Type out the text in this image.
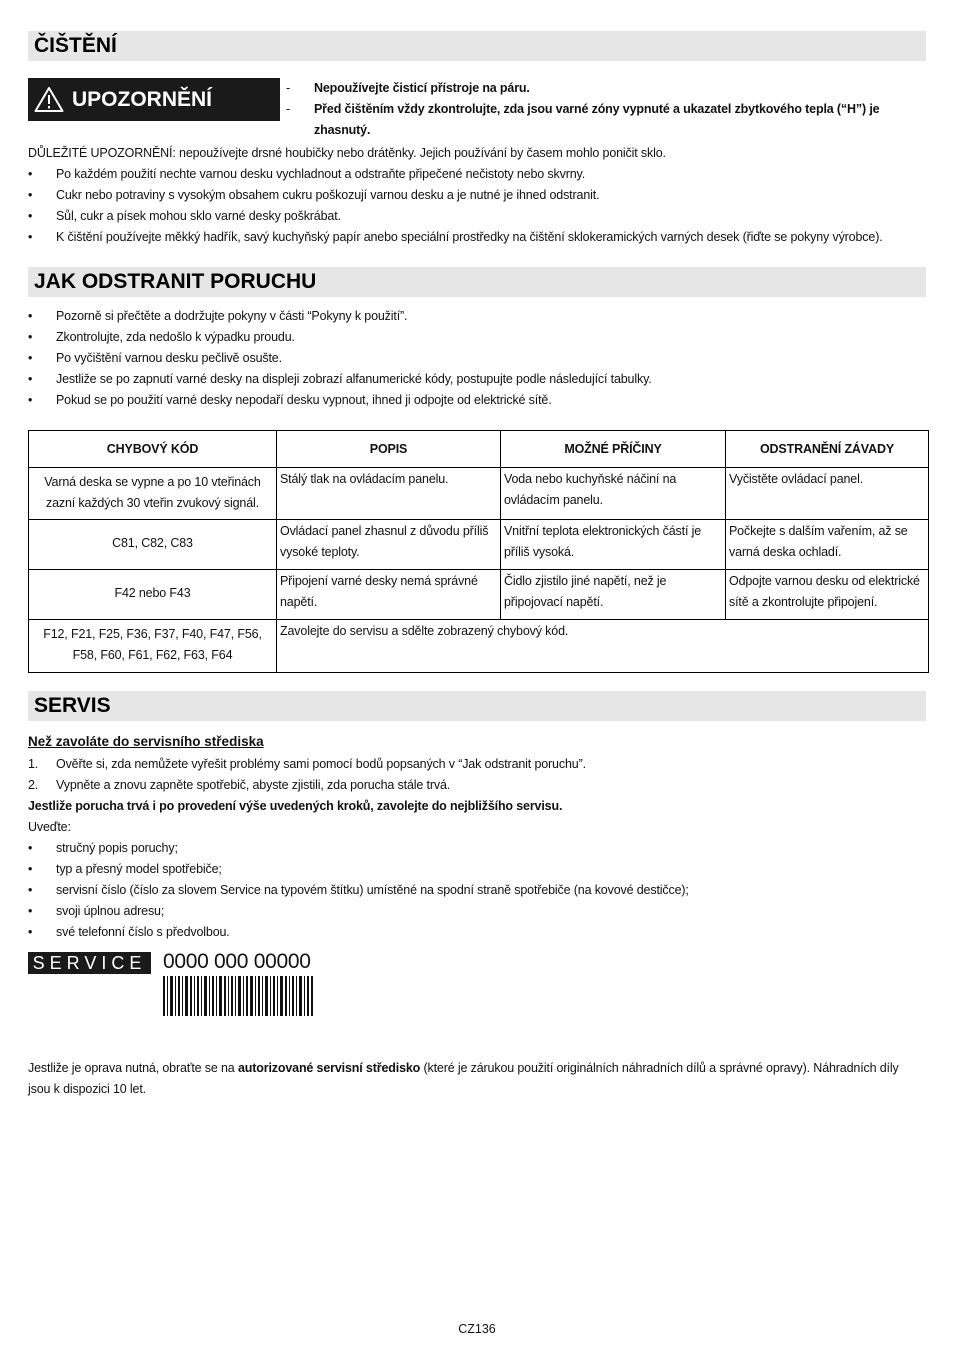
ČIŠTĚNÍ
UPOZORNĚNÍ	- Nepoužívejte čisticí přístroje na páru.
- Před čištěním vždy zkontrolujte, zda jsou varné zóny vypnuté a ukazatel zbytkového tepla (“H”) je zhasnutý.
DŮLEŽITÉ UPOZORNĚNÍ: nepoužívejte drsné houbičky nebo drátěnky. Jejich používání by časem mohlo poničit sklo.
• Po každém použití nechte varnou desku vychladnout a odstraňte připečené nečistoty nebo skvrny.
• Cukr nebo potraviny s vysokým obsahem cukru poškozují varnou desku a je nutné je ihned odstranit.
• Sůl, cukr a písek mohou sklo varné desky poškrábat.
• K čištění používejte měkký hadřík, savý kuchyňský papír anebo speciální prostředky na čištění sklokeramických varných desek (řiďte se pokyny výrobce).
JAK ODSTRANIT PORUCHU
• Pozorně si přečtěte a dodržujte pokyny v části “Pokyny k použití”.
• Zkontrolujte, zda nedošlo k výpadku proudu.
• Po vyčištění varnou desku pečlivě osušte.
• Jestliže se po zapnutí varné desky na displeji zobrazí alfanumerické kódy, postupujte podle následující tabulky.
• Pokud se po použití varné desky nepodaří desku vypnout, ihned ji odpojte od elektrické sítě.
CHYBOVÝ KÓD	POPIS	MOŽNÉ PŘÍČINY	ODSTRANĚNÍ ZÁVADY
Varná deska se vypne a po 10 vteřinách zazní každých 30 vteřin zvukový signál.	Stálý tlak na ovládacím panelu.	Voda nebo kuchyňské náčiní na ovládacím panelu.	Vyčistěte ovládací panel.
C81, C82, C83	Ovládací panel zhasnul z důvodu příliš vysoké teploty.	Vnitřní teplota elektronických částí je příliš vysoká.	Počkejte s dalším vařením, až se varná deska ochladí.
F42 nebo F43	Připojení varné desky nemá správné napětí.	Čidlo zjistilo jiné napětí, než je připojovací napětí.	Odpojte varnou desku od elektrické sítě a zkontrolujte připojení.
F12, F21, F25, F36, F37, F40, F47, F56, F58, F60, F61, F62, F63, F64	Zavolejte do servisu a sdělte zobrazený chybový kód.		
SERVIS
Než zavoláte do servisního střediska
1. Ověřte si, zda nemůžete vyřešit problémy sami pomocí bodů popsaných v “Jak odstranit poruchu”.
2. Vypněte a znovu zapněte spotřebič, abyste zjistili, zda porucha stále trvá.
Jestliže porucha trvá i po provedení výše uvedených kroků, zavolejte do nejbližšího servisu.
Uveďte:
• stručný popis poruchy;
• typ a přesný model spotřebiče;
• servisní číslo (číslo za slovem Service na typovém štítku) umístěné na spodní straně spotřebiče (na kovové destičce);
• svoji úplnou adresu;
• své telefonní číslo s předvolbou.
SERVICE 0000 000 00000
Jestliže je oprava nutná, obraťte se na autorizované servisní středisko (které je zárukou použití originálních náhradních dílů a správné opravy). Náhradních díly jsou k dispozici 10 let.
CZ136
